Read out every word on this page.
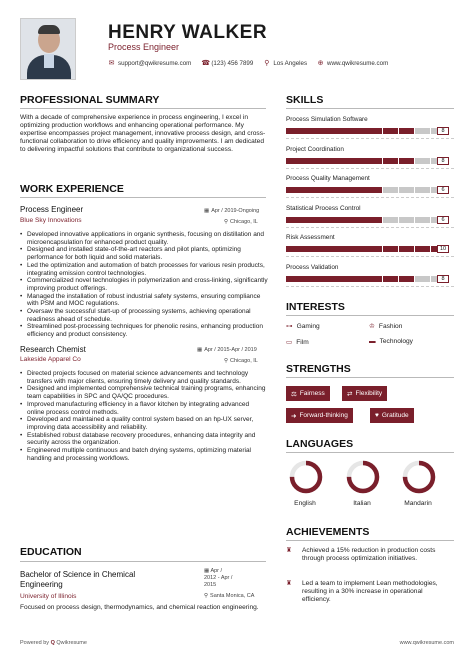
HENRY WALKER
Process Engineer
✉ support@qwikresume.com ☎ (123) 456 7899 ⚲ Los Angeles ⊕ www.qwikresume.com
PROFESSIONAL SUMMARY
With a decade of comprehensive experience in process engineering, I excel in optimizing production workflows and enhancing operational performance. My expertise encompasses project management, innovative process design, and cross-functional collaboration to drive efficiency and quality improvements. I am dedicated to delivering impactful solutions that contribute to organizational success.
WORK EXPERIENCE
Process Engineer
Blue Sky Innovations
▦ Apr / 2019-Ongoing
⚲ Chicago, IL
• Developed innovative applications in organic synthesis, focusing on distillation and microencapsulation for enhanced product quality.
• Designed and installed state-of-the-art reactors and pilot plants, optimizing performance for both liquid and solid materials.
• Led the optimization and automation of batch processes for various resin products, integrating emission control technologies.
• Commercialized novel technologies in polymerization and cross-linking, significantly improving product offerings.
• Managed the installation of robust industrial safety systems, ensuring compliance with PSM and MOC regulations.
• Oversaw the successful start-up of processing systems, achieving operational readiness ahead of schedule.
• Streamlined post-processing techniques for phenolic resins, enhancing production efficiency and product consistency.
Research Chemist
Lakeside Apparel Co
▦ Apr / 2015-Apr / 2019
⚲ Chicago, IL
• Directed projects focused on material science advancements and technology transfers with major clients, ensuring timely delivery and quality standards.
• Designed and implemented comprehensive technical training programs, enhancing team capabilities in SPC and QA/QC procedures.
• Improved manufacturing efficiency in a flavor kitchen by integrating advanced online process control methods.
• Developed and maintained a quality control system based on an hp-UX server, improving data accessibility and reliability.
• Established robust database recovery procedures, enhancing data integrity and security across the organization.
• Engineered multiple continuous and batch drying systems, optimizing material handling and processing workflows.
EDUCATION
Bachelor of Science in Chemical Engineering
University of Illinois
▦ Apr /
2012 - Apr /
2015
⚲ Santa Monica, CA
Focused on process design, thermodynamics, and chemical reaction engineering.
SKILLS
Process Simulation Software
8
Project Coordination
8
Process Quality Management
6
Statistical Process Control
6
Risk Assessment
10
Process Validation
8
INTERESTS
⊶ Gaming	♔ Fashion
▭ Film	▬ Technology
STRENGTHS
⚖ Fairness	⇄ Flexibility
➜ Forward-thinking	♥ Gratitude
LANGUAGES
English	Italian	Mandarin
ACHIEVEMENTS
♜	Achieved a 15% reduction in production costs through process optimization initiatives.
♜	Led a team to implement Lean methodologies, resulting in a 30% increase in operational efficiency.
Powered by Q Qwikresume	www.qwikresume.com
